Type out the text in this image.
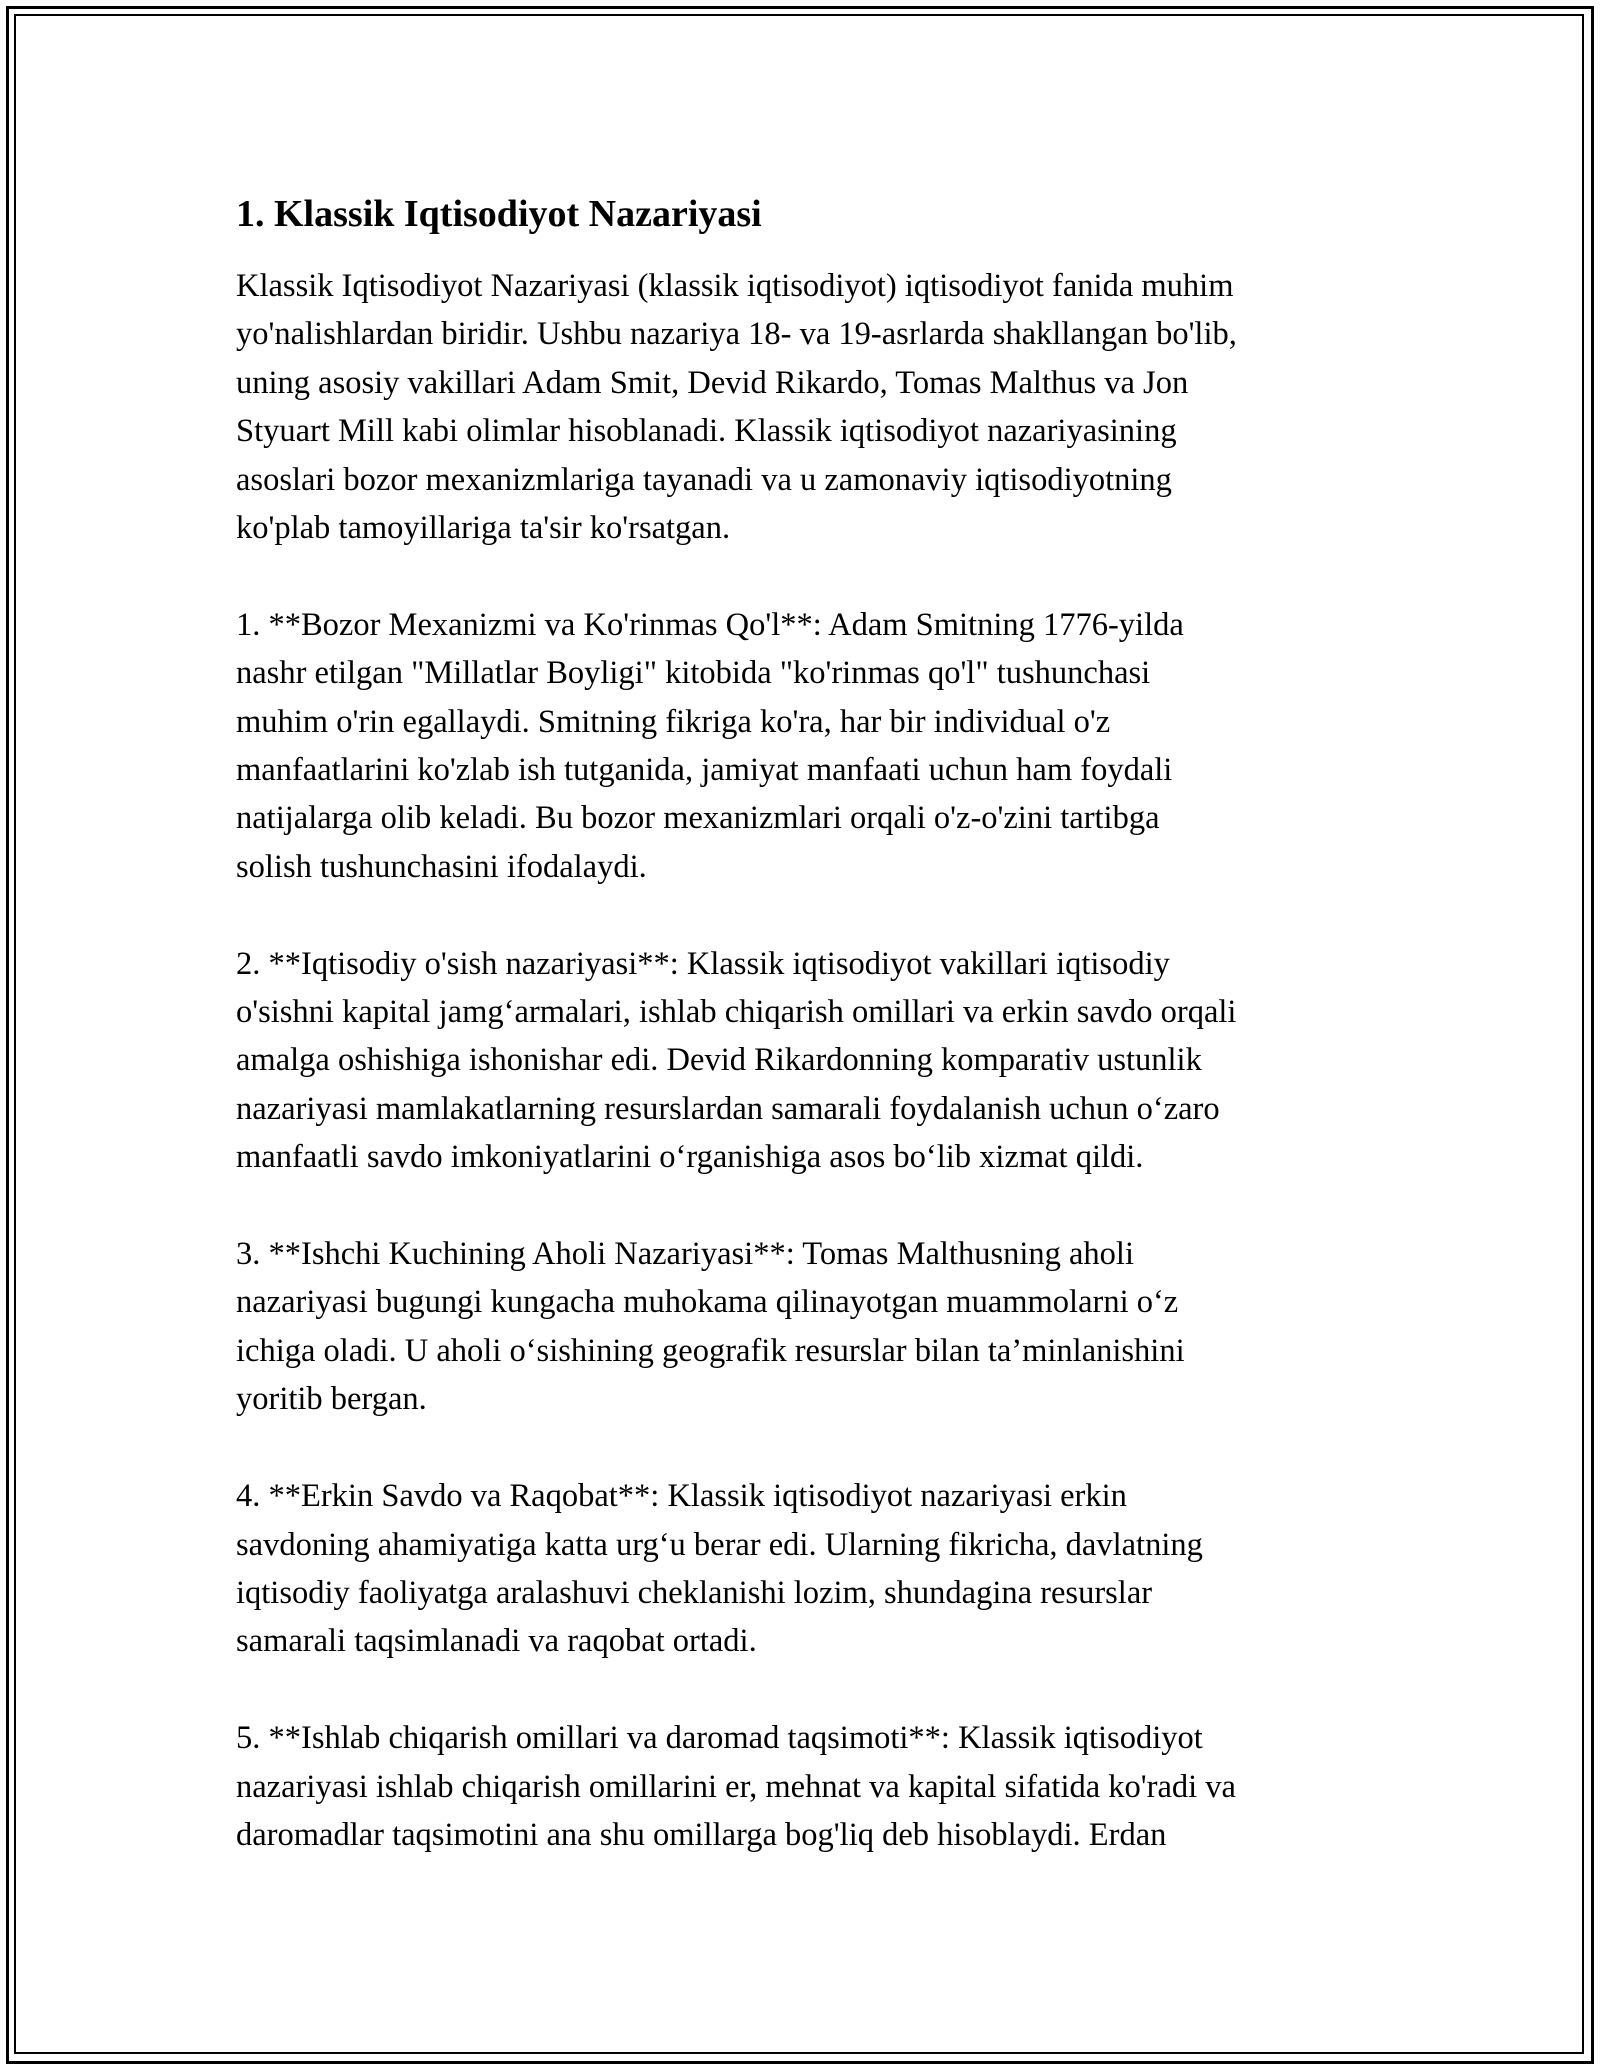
1. Klassik Iqtisodiyot Nazariyasi
Klassik Iqtisodiyot Nazariyasi (klassik iqtisodiyot) iqtisodiyot fanida muhim
yo'nalishlardan biridir. Ushbu nazariya 18- va 19-asrlarda shakllangan bo'lib,
uning asosiy vakillari Adam Smit, Devid Rikardo, Tomas Malthus va Jon
Styuart Mill kabi olimlar hisoblanadi. Klassik iqtisodiyot nazariyasining
asoslari bozor mexanizmlariga tayanadi va u zamonaviy iqtisodiyotning
ko'plab tamoyillariga ta'sir ko'rsatgan.
1. **Bozor Mexanizmi va Ko'rinmas Qo'l**: Adam Smitning 1776-yilda
nashr etilgan "Millatlar Boyligi" kitobida "ko'rinmas qo'l" tushunchasi
muhim o'rin egallaydi. Smitning fikriga ko'ra, har bir individual o'z
manfaatlarini ko'zlab ish tutganida, jamiyat manfaati uchun ham foydali
natijalarga olib keladi. Bu bozor mexanizmlari orqali o'z-o'zini tartibga
solish tushunchasini ifodalaydi.
2. **Iqtisodiy o'sish nazariyasi**: Klassik iqtisodiyot vakillari iqtisodiy
o'sishni kapital jamg‘armalari, ishlab chiqarish omillari va erkin savdo orqali
amalga oshishiga ishonishar edi. Devid Rikardonning komparativ ustunlik
nazariyasi mamlakatlarning resurslardan samarali foydalanish uchun o‘zaro
manfaatli savdo imkoniyatlarini o‘rganishiga asos bo‘lib xizmat qildi.
3. **Ishchi Kuchining Aholi Nazariyasi**: Tomas Malthusning aholi
nazariyasi bugungi kungacha muhokama qilinayotgan muammolarni o‘z
ichiga oladi. U aholi o‘sishining geografik resurslar bilan ta’minlanishini
yoritib bergan.
4. **Erkin Savdo va Raqobat**: Klassik iqtisodiyot nazariyasi erkin
savdoning ahamiyatiga katta urg‘u berar edi. Ularning fikricha, davlatning
iqtisodiy faoliyatga aralashuvi cheklanishi lozim, shundagina resurslar
samarali taqsimlanadi va raqobat ortadi.
5. **Ishlab chiqarish omillari va daromad taqsimoti**: Klassik iqtisodiyot
nazariyasi ishlab chiqarish omillarini er, mehnat va kapital sifatida ko'radi va
daromadlar taqsimotini ana shu omillarga bog'liq deb hisoblaydi. Erdan
